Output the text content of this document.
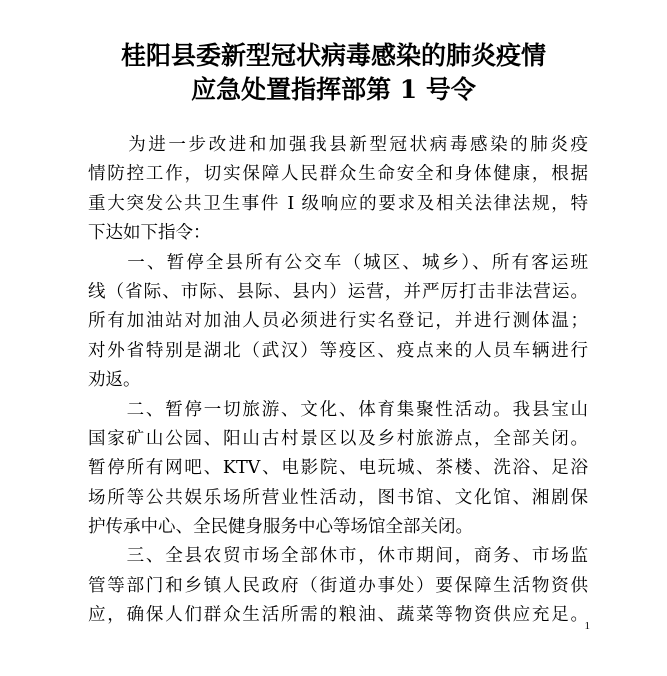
桂阳县委新型冠状病毒感染的肺炎疫情
应急处置指挥部第 1 号令
　　为进一步改进和加强我县新型冠状病毒感染的肺炎疫
情防控工作，切实保障人民群众生命安全和身体健康，根据
重大突发公共卫生事件 I 级响应的要求及相关法律法规，特
下达如下指令：
　　一、暂停全县所有公交车（城区、城乡）、所有客运班
线（省际、市际、县际、县内）运营，并严厉打击非法营运。
所有加油站对加油人员必须进行实名登记，并进行测体温；
对外省特别是湖北（武汉）等疫区、疫点来的人员车辆进行
劝返。
　　二、暂停一切旅游、文化、体育集聚性活动。我县宝山
国家矿山公园、阳山古村景区以及乡村旅游点，全部关闭。
暂停所有网吧、KTV、电影院、电玩城、茶楼、洗浴、足浴
场所等公共娱乐场所营业性活动，图书馆、文化馆、湘剧保
护传承中心、全民健身服务中心等场馆全部关闭。
　　三、全县农贸市场全部休市，休市期间，商务、市场监
管等部门和乡镇人民政府（街道办事处）要保障生活物资供
应，确保人们群众生活所需的粮油、蔬菜等物资供应充足。
1
